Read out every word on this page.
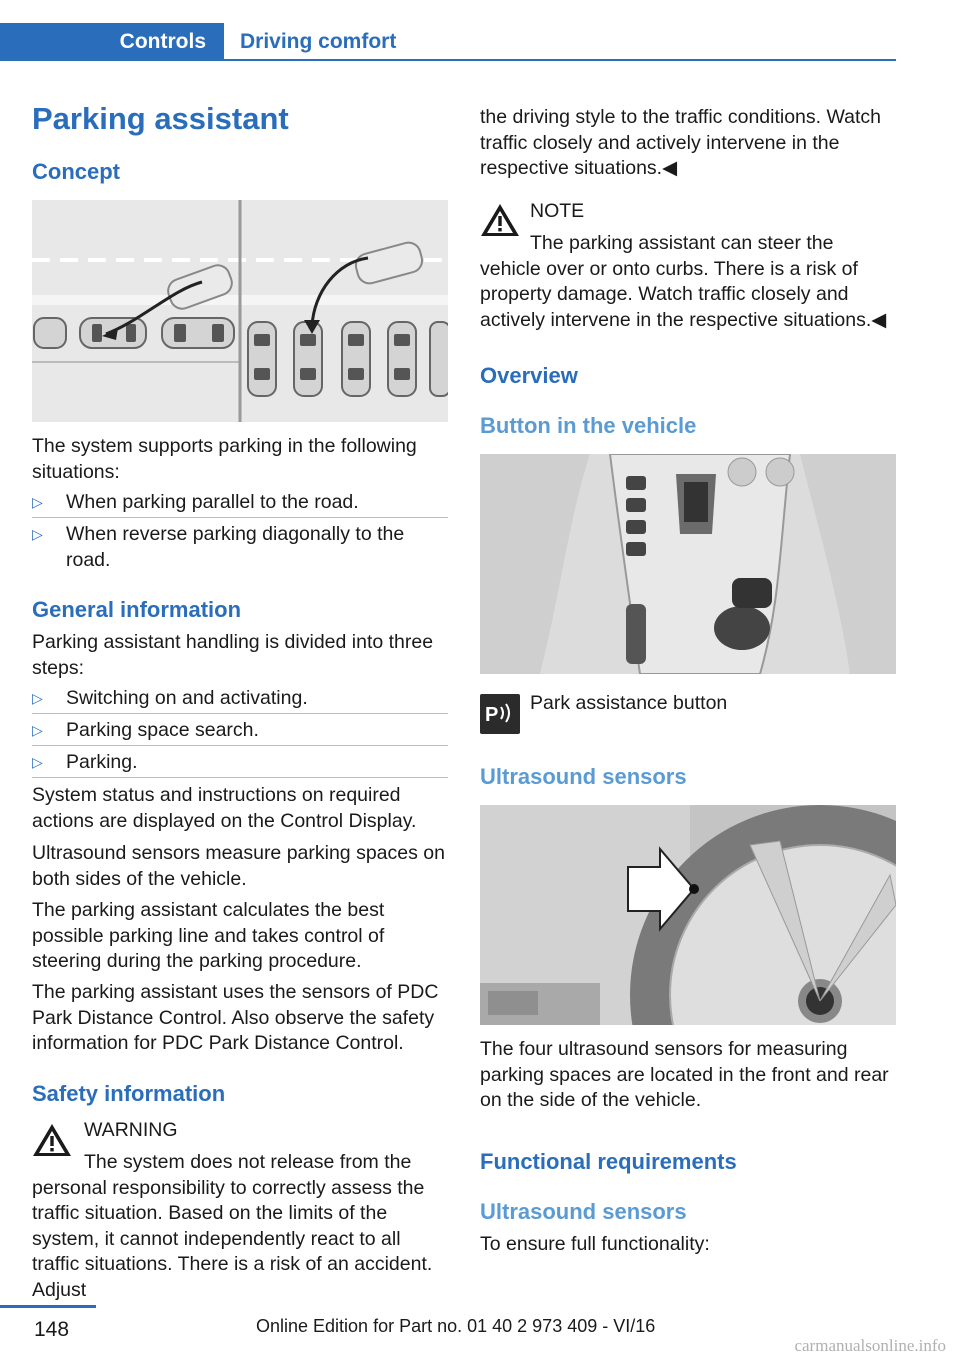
Controls	Driving comfort
Parking assistant
Concept

The system supports parking in the following situations:

▷ When parking parallel to the road.
▷ When reverse parking diagonally to the road.
General information

Parking assistant handling is divided into three steps:

▷ Switching on and activating.
▷ Parking space search.
▷ Parking.

System status and instructions on required actions are displayed on the Control Display.

Ultrasound sensors measure parking spaces on both sides of the vehicle.

The parking assistant calculates the best possible parking line and takes control of steering during the parking procedure.

The parking assistant uses the sensors of PDC Park Distance Control. Also observe the safety information for PDC Park Distance Control.

Safety information
WARNING

The system does not release from the personal responsibility to correctly assess the traffic situation. Based on the limits of the system, it cannot independently react to all traffic situations. There is a risk of an accident. Adjust

the driving style to the traffic conditions. Watch traffic closely and actively intervene in the respective situations.◀

NOTE

The parking assistant can steer the vehicle over or onto curbs. There is a risk of property damage. Watch traffic closely and actively intervene in the respective situations.◀

Overview
Button in the vehicle
P
Park assistance button
Ultrasound sensors

The four ultrasound sensors for measuring parking spaces are located in the front and rear on the side of the vehicle.

Functional requirements
Ultrasound sensors

To ensure full functionality:

148	Online Edition for Part no. 01 40 2 973 409 - VI/16
carmanualsonline.info
